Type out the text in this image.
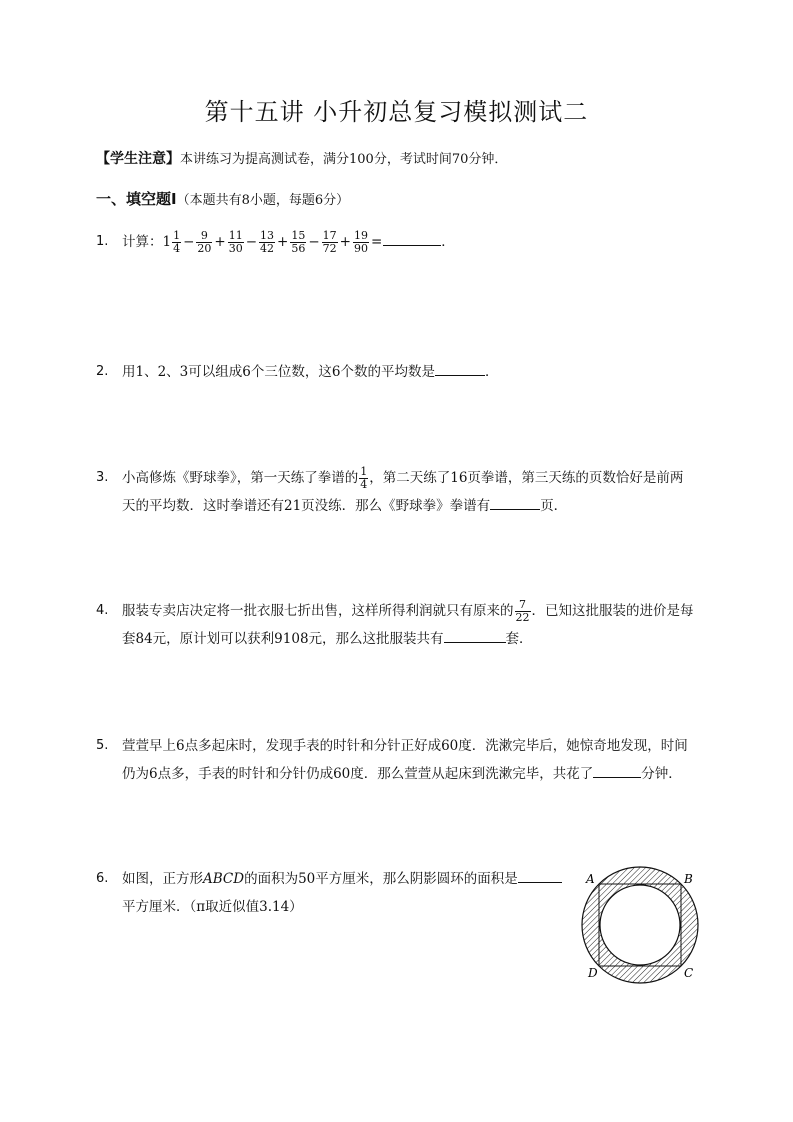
第十五讲 小升初总复习模拟测试二
【学生注意】本讲练习为提高测试卷，满分100分，考试时间70分钟．
一、填空题Ⅰ（本题共有8小题，每题6分）
1. 计算：$1 \frac{1}{4} - \frac{9}{20} + \frac{11}{30} - \frac{13}{42} + \frac{15}{56} - \frac{17}{72} + \frac{19}{90}$ =	．
2. 用1、2、3可以组成6个三位数，这6个数的平均数是	．
3. 小高修炼《野球拳》，第一天练了拳谱的 $\frac{1}{4}$ ，第二天练了16页拳谱，第三天练的页数恰好是前两
天的平均数．这时拳谱还有21页没练．那么《野球拳》拳谱有	页．
4. 服装专卖店决定将一批衣服七折出售，这样所得利润就只有原来的 $\frac{7}{22}$ ．已知这批服装的进价是每
套84元，原计划可以获利9108元，那么这批服装共有	套．
5. 萱萱早上6点多起床时，发现手表的时针和分针正好成60度．洗漱完毕后，她惊奇地发现，时间
仍为6点多，手表的时针和分针仍成60度．那么萱萱从起床到洗漱完毕，共花了	分钟．
6. 如图，正方形ABCD的面积为50平方厘米，那么阴影圆环的面积是
平方厘米．（π取近似值3.14）
A	B
C
D
